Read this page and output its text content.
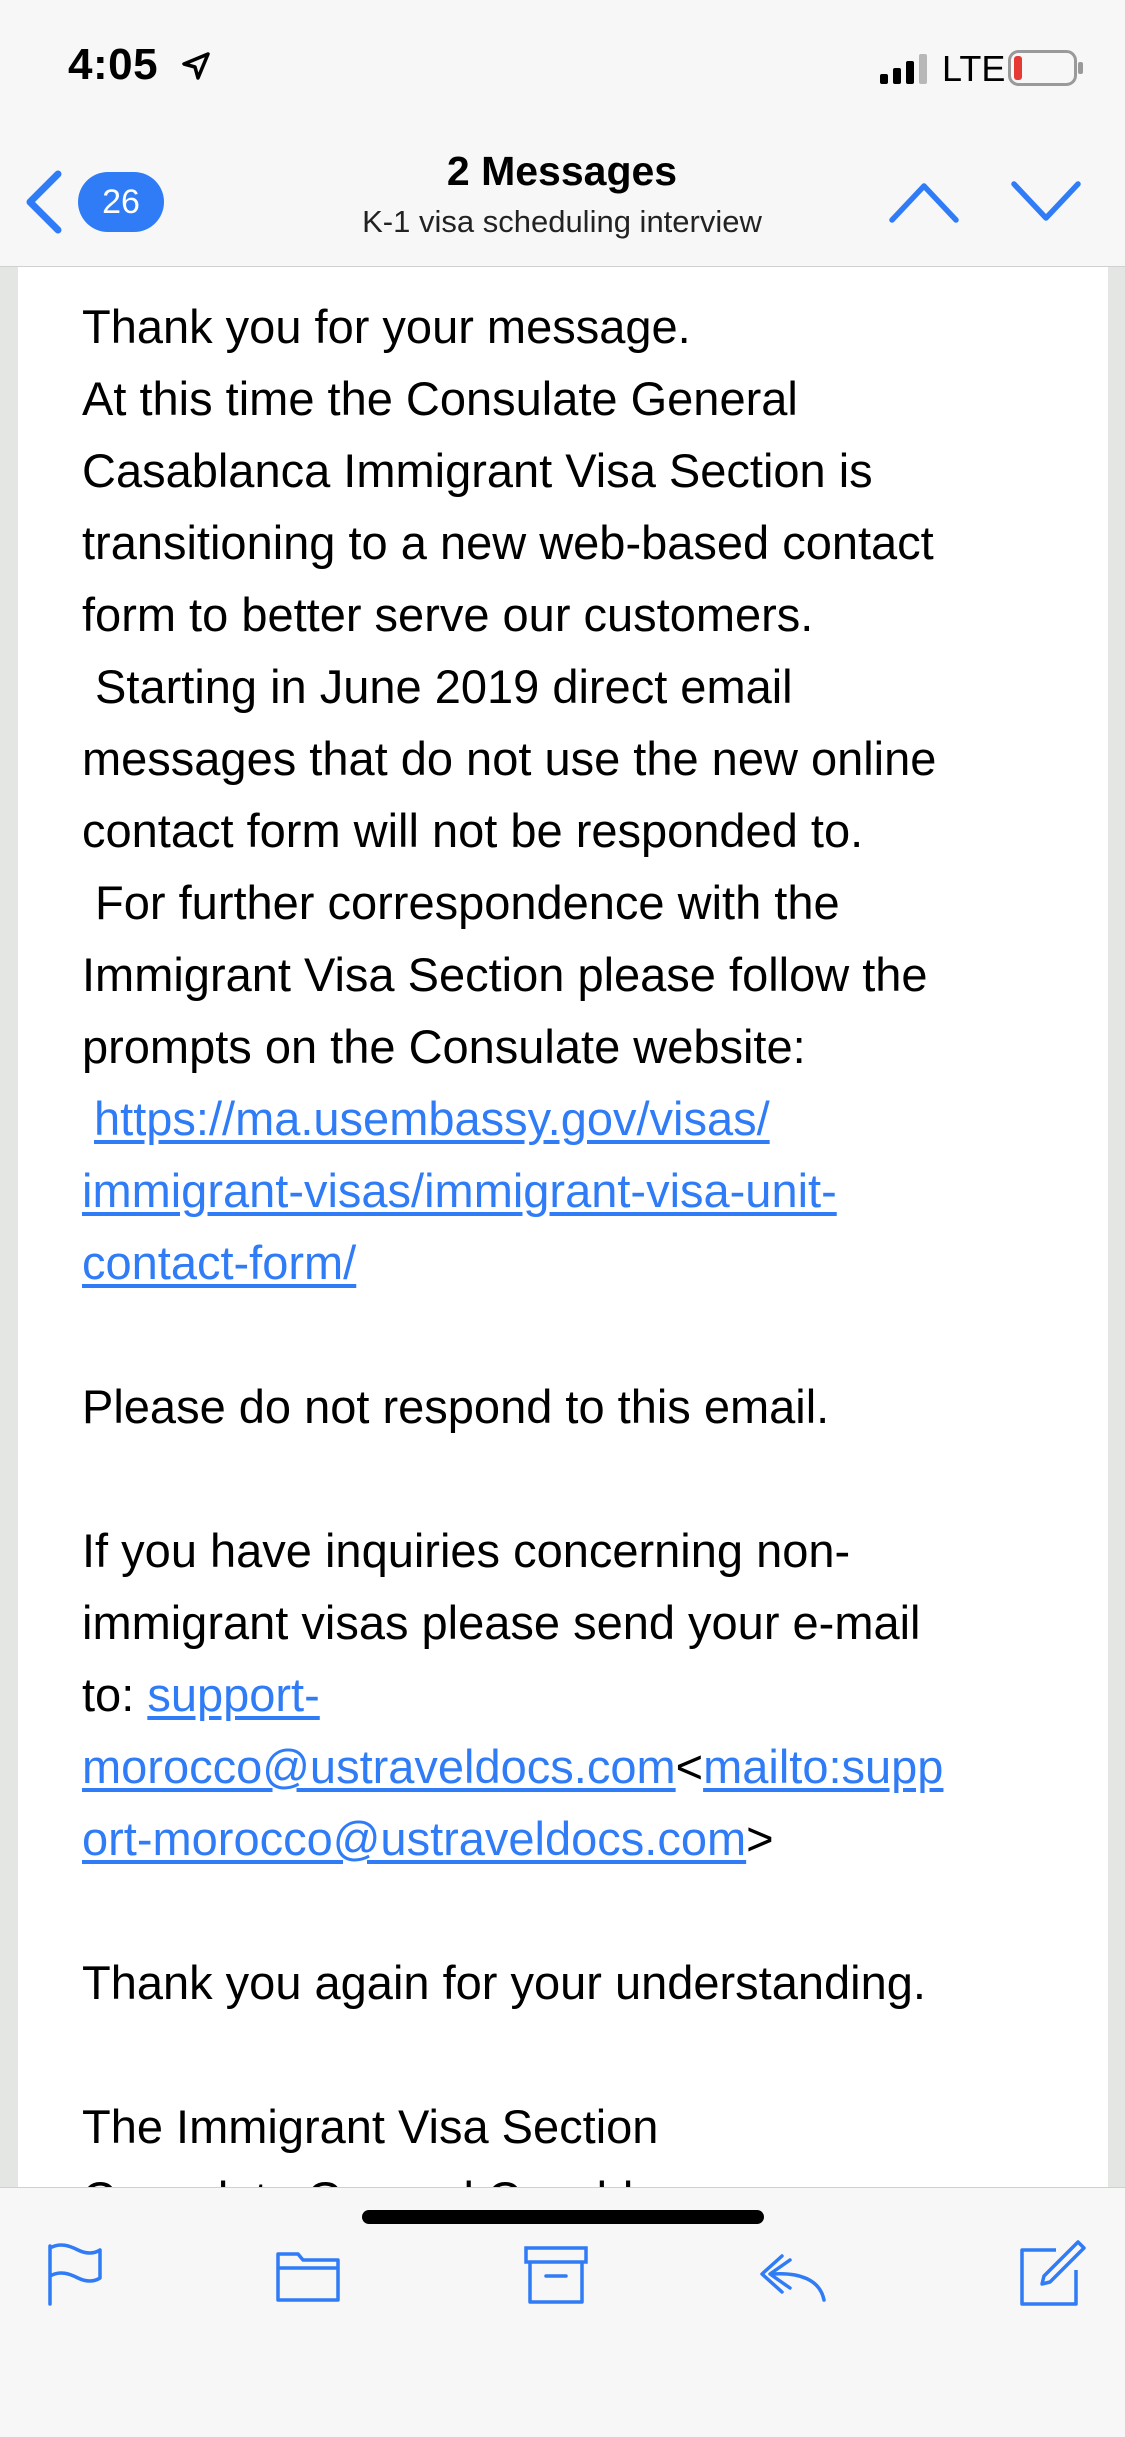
4:05	LTE
26
2 Messages
K-1 visa scheduling interview

Thank you for your message.

At this time the Consulate General

Casablanca Immigrant Visa Section is

transitioning to a new web-based contact

form to better serve our customers.

Starting in June 2019 direct email

messages that do not use the new online

contact form will not be responded to.

For further correspondence with the

Immigrant Visa Section please follow the

prompts on the Consulate website:

https://ma.usembassy.gov/visas/

immigrant-visas/immigrant-visa-unit-

contact-form/

Please do not respond to this email.

If you have inquiries concerning non-

immigrant visas please send your e-mail

to: support-

morocco@ustraveldocs.com<mailto:supp

ort-morocco@ustraveldocs.com>

Thank you again for your understanding.

The Immigrant Visa Section
